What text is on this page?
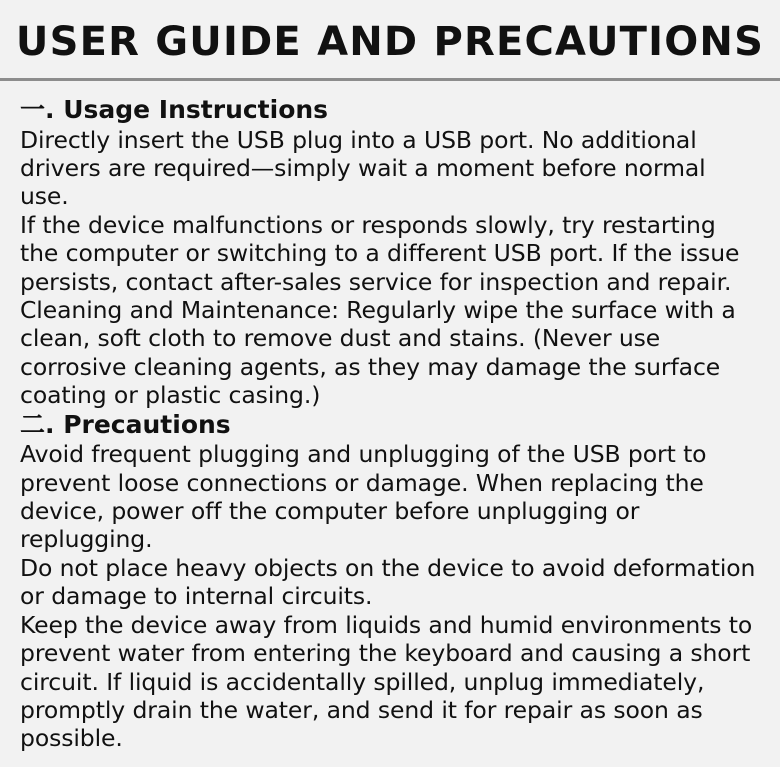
USER GUIDE AND PRECAUTIONS
一. Usage Instructions

Directly insert the USB plug into a USB port. No additional drivers are required—simply wait a moment before normal use.

If the device malfunctions or responds slowly, try restarting the computer or switching to a different USB port. If the issue persists, contact after-sales service for inspection and repair.

Cleaning and Maintenance: Regularly wipe the surface with a clean, soft cloth to remove dust and stains. (Never use corrosive cleaning agents, as they may damage the surface coating or plastic casing.)

二. Precautions

Avoid frequent plugging and unplugging of the USB port to prevent loose connections or damage. When replacing the device, power off the computer before unplugging or replugging.

Do not place heavy objects on the device to avoid deformation or damage to internal circuits.

Keep the device away from liquids and humid environments to prevent water from entering the keyboard and causing a short circuit. If liquid is accidentally spilled, unplug immediately, promptly drain the water, and send it for repair as soon as possible.
